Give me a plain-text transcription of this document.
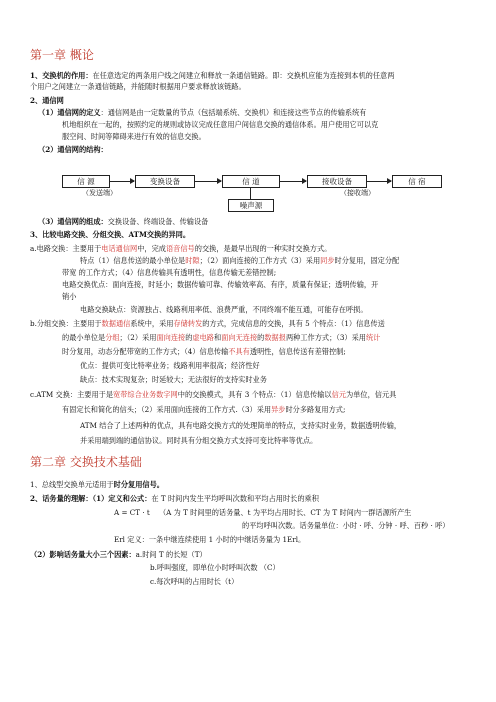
第一章 概论
1、交换机的作用：在任意选定的两条用户线之间建立和释放一条通信链路。即：交换机应能为连接到本机的任意两
个用户之间建立一条通信链路，并能随时根据用户要求释放该链路。
2、通信网
（1）通信网的定义：通信网是由一定数量的节点（包括端系统、交换机）和连接这些节点的传输系统有
机地组织在一起的，按照约定的规则或协议完成任意用户间信息交换的通信体系。用户使用它可以克
服空间、时间等障碍来进行有效的信息交换。
（2）通信网的结构：
信 源	变换设备	信 道	接收设备	信 宿
噪声源
（发送端）	（接收端）
（3）通信网的组成：交换设备、终端设备、传输设备
3、比较电路交换、分组交换、ATM交换的异同。
a.电路交换：主要用于电话通信网中，完成语音信号的交换，是最早出现的一种实时交换方式。
特点（1）信息传送的最小单位是时隙；（2）面向连接的工作方式（3）采用同步时分复用，固定分配
带宽 的工作方式；（4）信息传输具有透明性，信息传输无差错控制;
电路交换优点：面向连接，时延小；数据传输可靠、传输效率高、有序，质量有保证；透明传输，开
销小
电路交换缺点：资源独占、线路利用率低、浪费严重，不同终端不能互通，可能存在呼损。
b.分组交换：主要用于数据通信系统中，采用存储转发的方式，完成信息的交换，具有 5 个特点：（1）信息传送
的最小单位是分组；（2）采用面向连接的虚电路和面向无连接的数据报两种工作方式；（3）采用统计
时分复用，动态分配带宽的工作方式；（4）信息传输不具有透明性，信息传送有差错控制;
优点：提供可变比特率业务；线路利用率很高；经济性好
缺点：技术实现复杂；时延较大；无法很好的支持实时业务
c.ATM 交换：主要用于是宽带综合业务数字网中的交换模式，具有 3 个特点：（1）信息传输以信元为单位，信元具
有固定长和简化的信头；（2）采用面向连接的工作方式.（3）采用异步时分多路复用方式;
ATM 结合了上述两种的优点，具有电路交换方式的处理简单的特点，支持实时业务，数据透明传输，
并采用端到端的通信协议。同时具有分组交换方式支持可变比特率等优点。
第二章 交换技术基础
1、总线型交换单元适用于时分复用信号。
2、话务量的理解：（1）定义和公式：在 T 时间内发生平均呼叫次数和平均占用时长的乘积
A = CT · t （A 为 T 时间里的话务量、t 为平均占用时长、CT 为 T 时间内一群话源所产生
的平均呼叫次数。话务量单位：小时 · 呼、分钟 · 呼、百秒 · 呼）
Erl 定义：一条中继连续使用 1 小时的中继话务量为 1Erl。
（2）影响话务量大小三个因素：a.时间 T 的长短（T）
b.呼叫强度，即单位小时呼叫次数 （C）
c.每次呼叫的占用时长（t）
